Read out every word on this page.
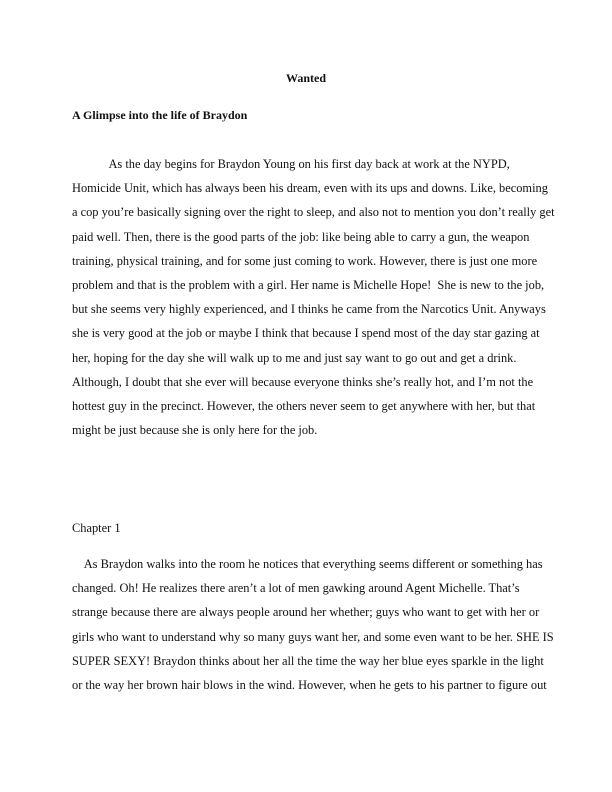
Wanted
A Glimpse into the life of Braydon
As the day begins for Braydon Young on his first day back at work at the NYPD,
Homicide Unit, which has always been his dream, even with its ups and downs. Like, becoming
a cop you’re basically signing over the right to sleep, and also not to mention you don’t really get
paid well. Then, there is the good parts of the job: like being able to carry a gun, the weapon
training, physical training, and for some just coming to work. However, there is just one more
problem and that is the problem with a girl. Her name is Michelle Hope!  She is new to the job,
but she seems very highly experienced, and I thinks he came from the Narcotics Unit. Anyways
she is very good at the job or maybe I think that because I spend most of the day star gazing at
her, hoping for the day she will walk up to me and just say want to go out and get a drink.
Although, I doubt that she ever will because everyone thinks she’s really hot, and I’m not the
hottest guy in the precinct. However, the others never seem to get anywhere with her, but that
might be just because she is only here for the job.
Chapter 1
As Braydon walks into the room he notices that everything seems different or something has
changed. Oh! He realizes there aren’t a lot of men gawking around Agent Michelle. That’s
strange because there are always people around her whether; guys who want to get with her or
girls who want to understand why so many guys want her, and some even want to be her. SHE IS
SUPER SEXY! Braydon thinks about her all the time the way her blue eyes sparkle in the light
or the way her brown hair blows in the wind. However, when he gets to his partner to figure out
